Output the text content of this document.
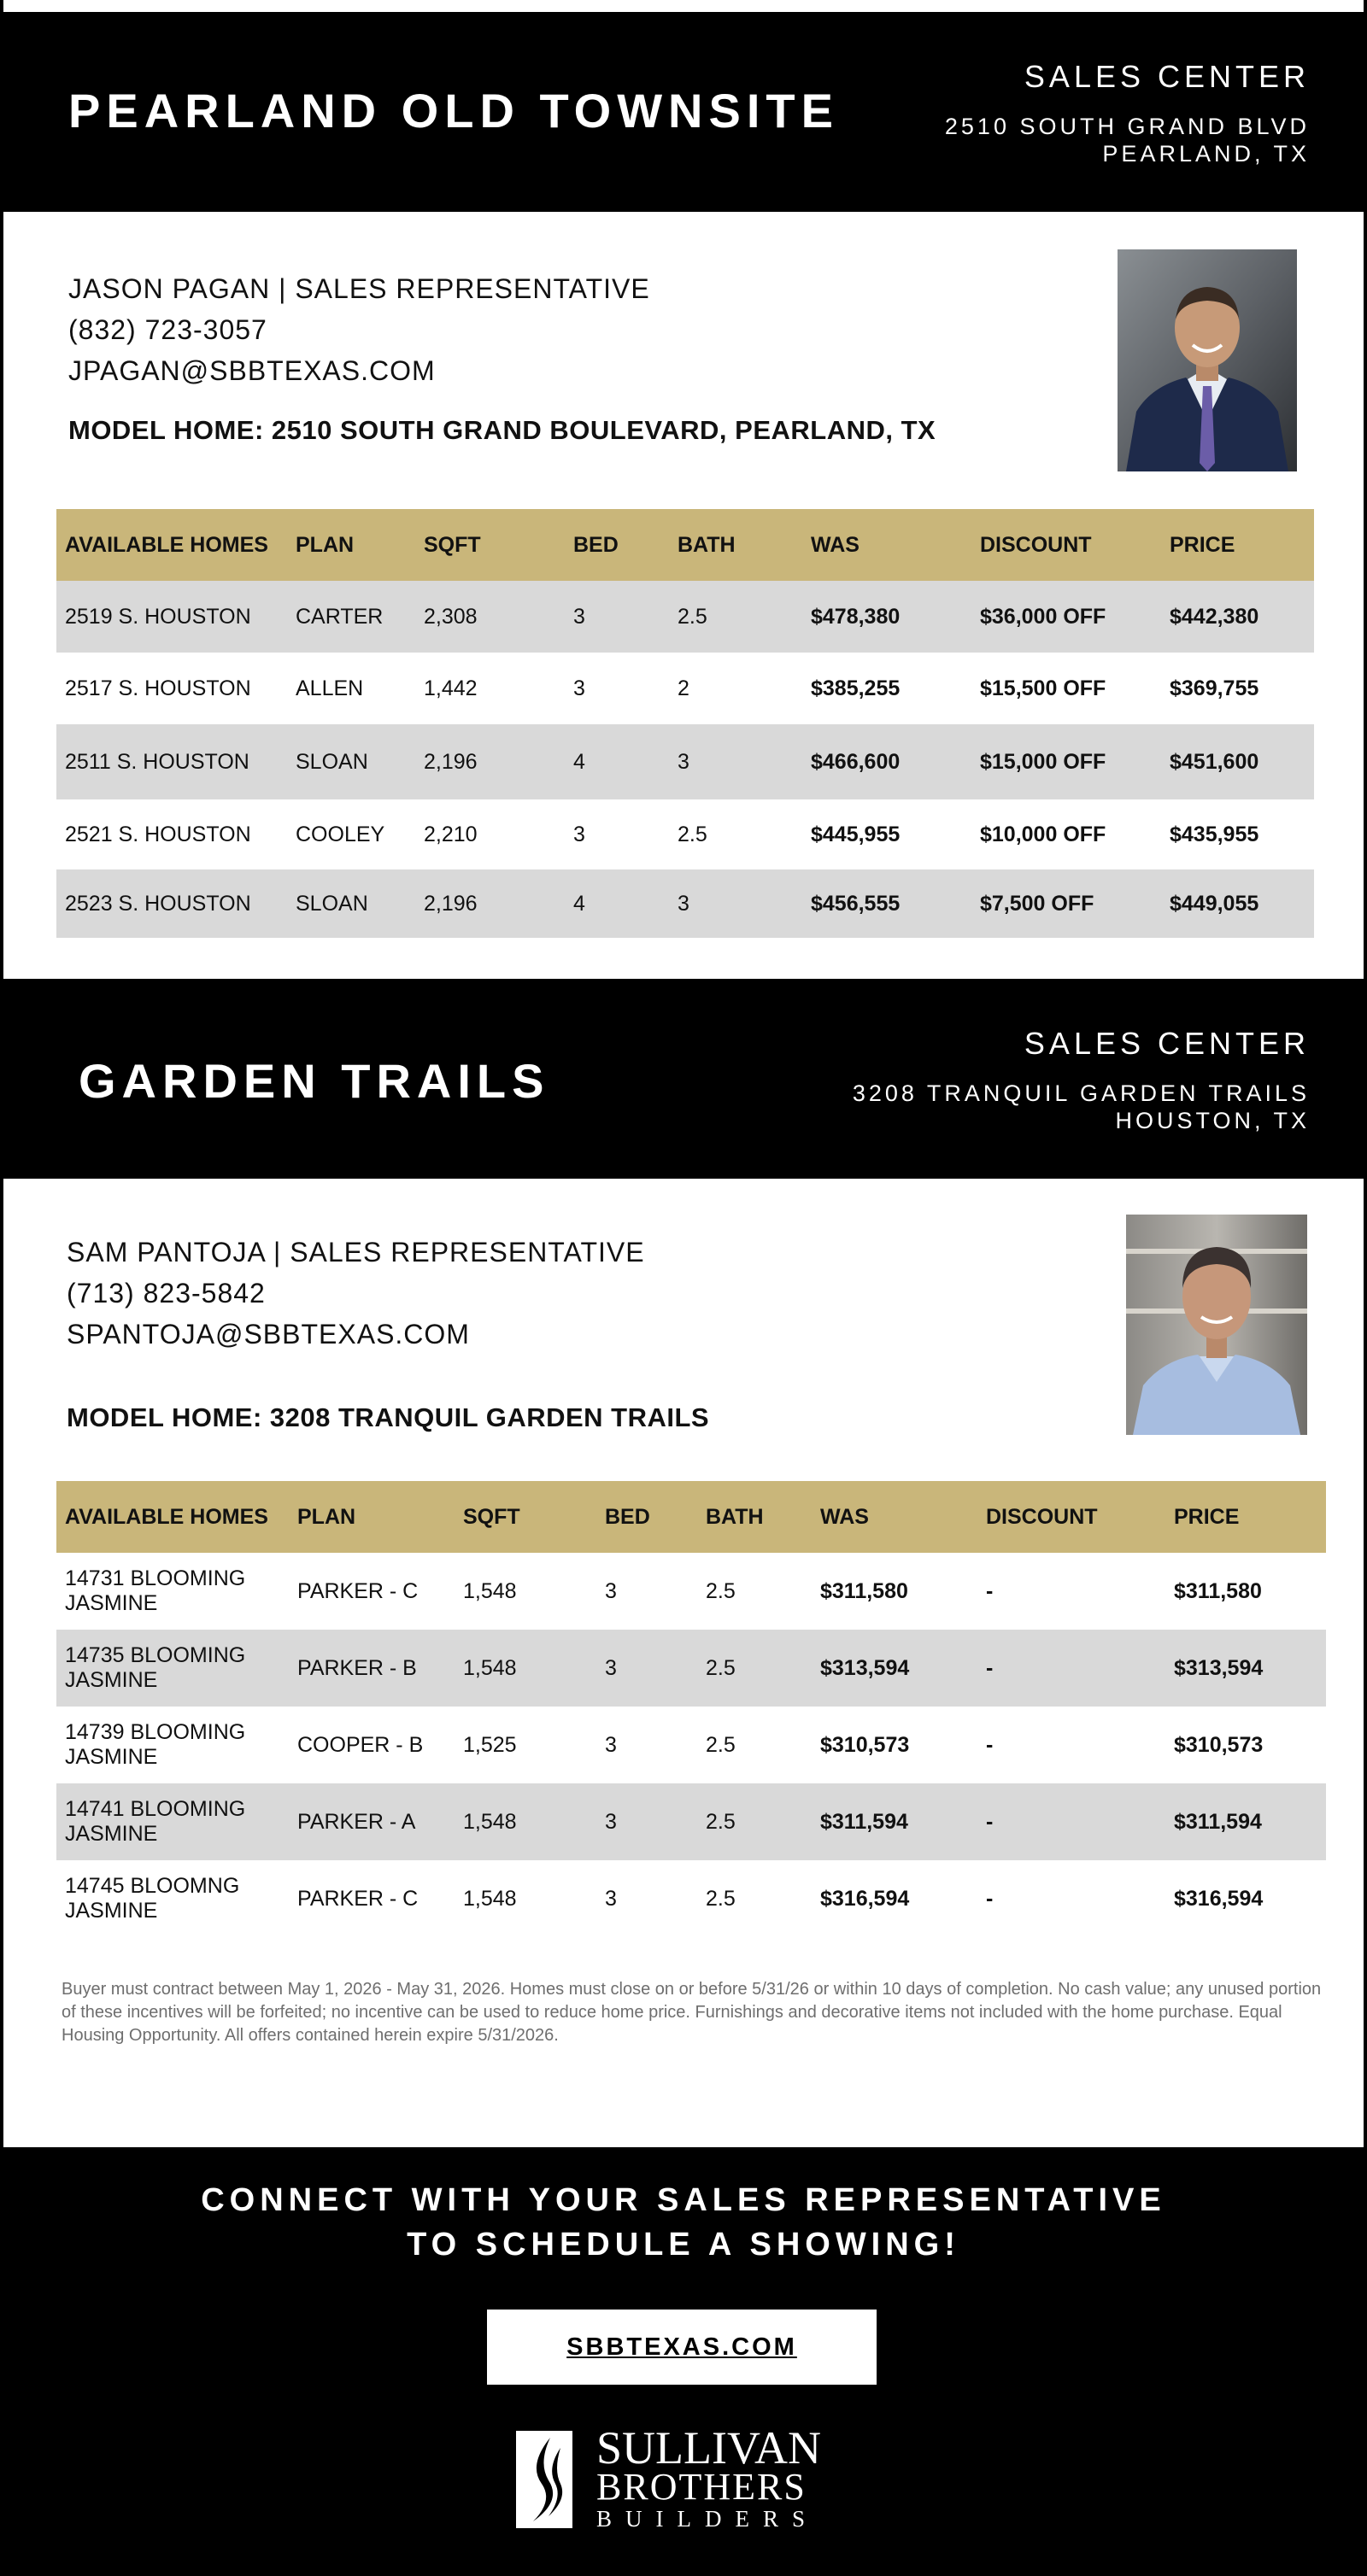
PEARLAND OLD TOWNSITE
SALES CENTER
2510 SOUTH GRAND BLVD
PEARLAND, TX
JASON PAGAN | SALES REPRESENTATIVE
(832) 723-3057
JPAGAN@SBBTEXAS.COM
MODEL HOME: 2510 SOUTH GRAND BOULEVARD, PEARLAND, TX
AVAILABLE HOMES	PLAN	SQFT	BED	BATH	WAS	DISCOUNT	PRICE
2519 S. HOUSTON	CARTER	2,308	3	2.5	$478,380	$36,000 OFF	$442,380
2517 S. HOUSTON	ALLEN	1,442	3	2	$385,255	$15,500 OFF	$369,755
2511 S. HOUSTON	SLOAN	2,196	4	3	$466,600	$15,000 OFF	$451,600
2521 S. HOUSTON	COOLEY	2,210	3	2.5	$445,955	$10,000 OFF	$435,955
2523 S. HOUSTON	SLOAN	2,196	4	3	$456,555	$7,500 OFF	$449,055
GARDEN TRAILS
SALES CENTER
3208 TRANQUIL GARDEN TRAILS
HOUSTON, TX
SAM PANTOJA | SALES REPRESENTATIVE
(713) 823-5842
SPANTOJA@SBBTEXAS.COM
MODEL HOME: 3208 TRANQUIL GARDEN TRAILS
AVAILABLE HOMES	PLAN	SQFT	BED	BATH	WAS	DISCOUNT	PRICE
14731 BLOOMING JASMINE	PARKER - C	1,548	3	2.5	$311,580	-	$311,580
14735 BLOOMING JASMINE	PARKER - B	1,548	3	2.5	$313,594	-	$313,594
14739 BLOOMING JASMINE	COOPER - B	1,525	3	2.5	$310,573	-	$310,573
14741 BLOOMING JASMINE	PARKER - A	1,548	3	2.5	$311,594	-	$311,594
14745 BLOOMNG JASMINE	PARKER - C	1,548	3	2.5	$316,594	-	$316,594
Buyer must contract between May 1, 2026 - May 31, 2026. Homes must close on or before 5/31/26 or within 10 days of completion. No cash value; any unused portion of these incentives will be forfeited; no incentive can be used to reduce home price. Furnishings and decorative items not included with the home purchase. Equal Housing Opportunity. All offers contained herein expire 5/31/2026.
CONNECT WITH YOUR SALES REPRESENTATIVE
TO SCHEDULE A SHOWING!
SBBTEXAS.COM
SULLIVAN
BROTHERS
BUILDERS
